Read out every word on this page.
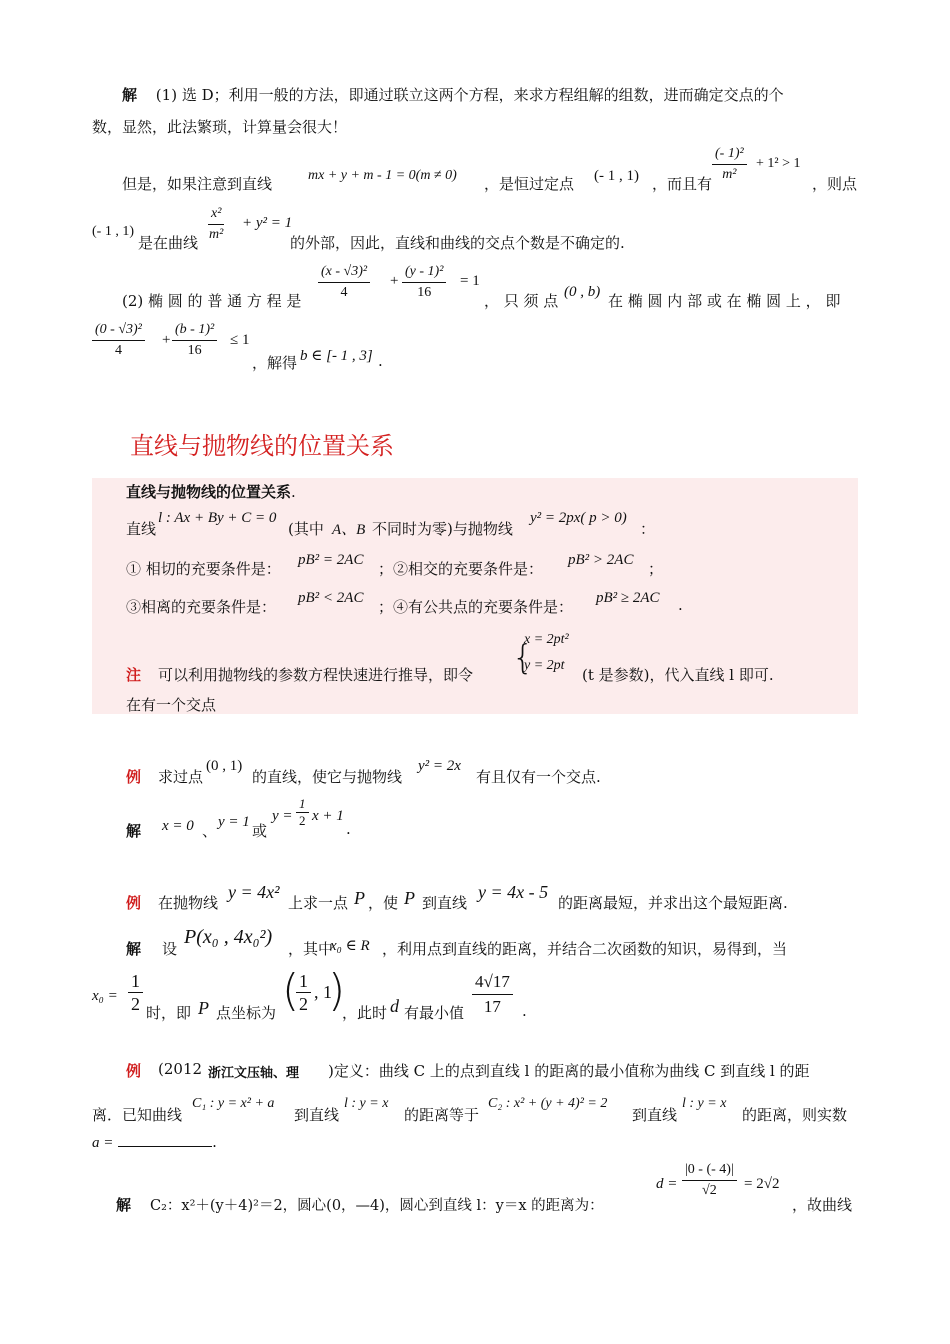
解 (1) 选 D；利用一般的方法，即通过联立这两个方程，来求方程组解的组数，进而确定交点的个
数，显然，此法繁琐，计算量会很大！
但是，如果注意到直线	mx + y + m - 1 = 0(m ≠ 0) ，是恒过定点 (- 1 , 1) ，而且有 $\frac{\text{(- 1)²}}{\text{m²}} + 1^2 > 1$
，则点
(- 1 , 1)
是在曲线 $\frac{\text{x²}}{\text{m²}} + y^2 = 1$
的外部，因此，直线和曲线的交点个数是不确定的.
(2) 椭 圆 的 普 通 方 程 是 $\frac{\text{(x - √3)²}}{4} + \frac{\text{(y - 1)²}}{16} = 1$
， 只 须 点 (0 , b) 在 椭 圆 内 部 或 在 椭 圆 上 ， 即
$\frac{\text{(0 - √3)²}}{4} + \frac{\text{(b - 1)²}}{16} \le 1$
，解得 b ∈ [- 1 , 3] .
直线与抛物线的位置关系
直线与抛物线的位置关系.
直线
l : Ax + By + C = 0
(其中 A、B 不同时为零)与抛物线
y² = 2px( p > 0)
：
① 相切的充要条件是： pB² = 2AC ；②相交的充要条件是： pB² > 2AC ；
③相离的充要条件是： pB² < 2AC ；④有公共点的充要条件是： pB² ≥ 2AC .
注 可以利用抛物线的参数方程快速进行推导，即令 {
x = 2pt²
y = 2pt
(t 是参数)，代入直线 l 即可.
在有一个交点
例 求过点
(0 , 1)
的直线，使它与抛物线
y² = 2x
有且仅有一个交点.
解 x = 0 、 y = 1 或
$y = \frac{1}{2}$ x + 1
.
例 在抛物线
y = 4x²
上求一点 P ，使 P 到直线
y = 4x - 5
的距离最短，并求出这个最短距离.
解 设
P(x₀ , 4x₀²)
，其中
x₀ ∈ R ，利用点到直线的距离，并结合二次函数的知识，易得到，当
$x_0 = \frac{1}{2}$ 时，即 P 点坐标为 (
$\frac{1}{2}$ , 1
)
，此时 d 有最小值 $\frac{4√17}{17}$ .
例 (2012 浙江文压轴、理 )定义：曲线 C 上的点到直线 l 的距离的最小值称为曲线 C 到直线 l 的距
离．已知曲线
C₁ : y = x² + a
到直线
l : y = x
的距离等于
C₂ : x² + (y + 4)² = 2
到直线
l : y = x
的距离，则实数
a =	.
解 C₂：x²＋(y＋4)²＝2，圆心(0，—4)，圆心到直线 l：y＝x 的距离为：
$d = \frac{|0 - (- 4)|}{√2} = 2√2$
，故曲线
